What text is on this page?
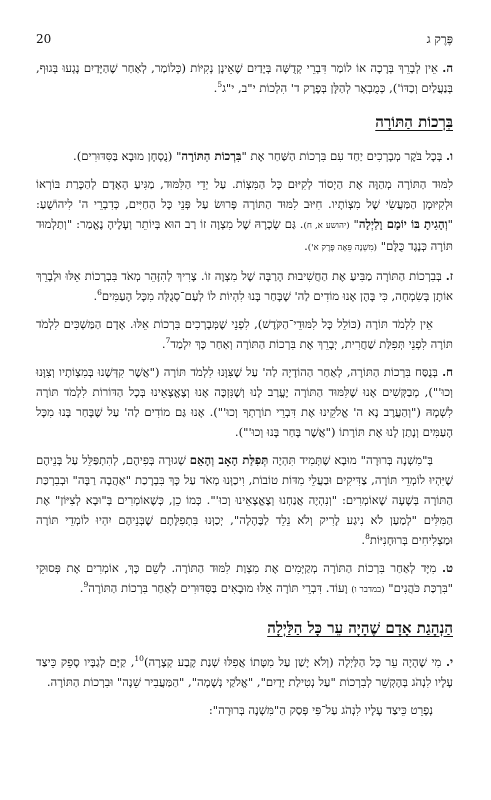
20	פֶּרֶק ג

ה. אֵין לְבָרֵךְ בְּרָכָה אוֹ לוֹמַר דִּבְרֵי קְדֻשָּׁה בְּיָדַיִם שֶׁאֵינָן נְקִיּוֹת (כְּלוֹמַר, לְאַחַר שֶׁהַיָּדַיִם נָגְעוּ בְּגוּף, בְּנַעֲלַיִם וְכַדּוֹ'), כְּמֻבְאָר לְהַלָּן בְּפֶרֶק ד' הִלְכוֹת י"ב, י"ג$^5$.

בִּרְכוֹת הַתּוֹרָה

ו. בְּכָל בֹּקֶר מְבָרְכִים יַחַד עִם בִּרְכוֹת הַשַּׁחַר אֶת "בִּרְכוֹת הַתּוֹרָה" (נֻסְחָן מוּבָא בַּסִּדּוּרִים).

לִמּוּד הַתּוֹרָה מְהַוֶּה אֶת הַיְסוֹד לְקִיּוּם כָּל הַמִּצְוֹת. עַל יְדֵי הַלִּמּוּד, מַגִּיעַ הָאָדָם לְהַכָּרַת בּוֹרְאוֹ וּלְקִיּוּמָן הַמַּעֲשִׂי שֶׁל מִצְוֹתָיו. חִיּוּב לִמּוּד הַתּוֹרָה פָּרוּשׂ עַל פְּנֵי כָּל הַחַיִּים, כְּדִבְרֵי ה' לִיהוֹשֻׁעַ: "וְהָגִיתָ בּוֹ יוֹמָם וָלַיְלָה" (יהושע א, ח). גַּם שְׂכָרָהּ שֶׁל מִצְוָה זוֹ רַב הוּא בְּיוֹתֵר וְעָלֶיהָ נֶאֱמַר: "וְתַלְמוּד תּוֹרָה כְּנֶגֶד כֻּלָּם" (מִשְׁנָה פֵּאָה פֶּרֶק א').

ז. בְּבִרְכוֹת הַתּוֹרָה מַבִּיעַ אֶת הַחֲשִׁיבוּת הָרַבָּה שֶׁל מִצְוָה זוֹ. צָרִיךְ לְהִזָּהֵר מְאֹד בִּבְרָכוֹת אֵלּוּ וּלְבָרֵךְ אוֹתָן בְּשִׂמְחָה, כִּי בָּהֶן אָנוּ מוֹדִים לַה' שֶׁבָּחַר בָּנוּ לִהְיוֹת לוֹ לְעַם־סְגֻלָּה מִכָּל הָעַמִּים$^6$.

אֵין לִלְמֹד תּוֹרָה (כּוֹלֵל כָּל לִמּוּדֵי־הַקֹּדֶשׁ), לִפְנֵי שֶׁמְּבָרְכִים בִּרְכוֹת אֵלּוּ. אָדָם הַמַּשְׁכִּים לִלְמֹד תּוֹרָה לִפְנֵי תְּפִלַּת שַׁחֲרִית, יְבָרֵךְ אֶת בִּרְכוֹת הַתּוֹרָה וְאַחַר כָּךְ יִלְמַד$^7$.

ח. בְּנֻסַּח בִּרְכוֹת הַתּוֹרָה, לְאַחַר הַהוֹדָיָה לַה' עַל שֶׁצִּוָּנוּ לִלְמֹד תּוֹרָה ("אֲשֶׁר קִדְּשָׁנוּ בְּמִצְוֹתָיו וְצִוָּנוּ וְכוּ'"), מְבַקְּשִׁים אָנוּ שֶׁלִּמּוּד הַתּוֹרָה יֶעֱרַב לָנוּ וְשֶׁנִּזְכֶּה אָנוּ וְצֶאֱצָאֵינוּ בְּכָל הַדּוֹרוֹת לִלְמֹד תּוֹרָה לִשְׁמָהּ ("וְהַעֲרֶב נָא ה' אֱלֹקֵינוּ אֶת דִּבְרֵי תוֹרָתְךָ וְכוּ'"). אָנוּ גַּם מוֹדִים לַה' עַל שֶׁבָּחַר בָּנוּ מִכָּל הָעַמִּים וְנָתַן לָנוּ אֶת תּוֹרָתוֹ ("אֲשֶׁר בָּחַר בָּנוּ וְכוּ'").

בְּ"מִשְׁנָה בְּרוּרָה" מוּבָא שֶׁתְּמִיד תִּהְיֶה תְּפִלַּת הָאָב וְהָאֵם שְׁגוּרָה בְּפִיהֶם, לְהִתְפַּלֵּל עַל בְּנֵיהֶם שֶׁיִּהְיוּ לוֹמְדֵי תּוֹרָה, צַדִּיקִים וּבַעֲלֵי מִדּוֹת טוֹבוֹת, וִיכַוְּנוּ מְאֹד עַל כָּךְ בִּבְרָכַת "אַהֲבָה רַבָּה" וּבְבִרְכַּת הַתּוֹרָה בְּשָׁעָה שֶׁאוֹמְרִים: "וְנִהְיֶה אֲנַחְנוּ וְצֶאֱצָאֵינוּ וְכוּ'". כְּמוֹ כֵן, כְּשֶׁאוֹמְרִים בְּ"וּבָא לְצִיּוֹן" אֶת הַמִּלִּים "לְמַעַן לֹא נִיגַע לָרִיק וְלֹא נֵלֵד לַבֶּהָלָה", יְכַוְּנוּ בִּתְפִלָּתָם שֶׁבְּנֵיהֶם יִהְיוּ לוֹמְדֵי תּוֹרָה וּמַצְלִיחִים בְּרוּחָנִיּוֹת$^8$.

ט. מִיָּד לְאַחַר בִּרְכוֹת הַתּוֹרָה מְקַיְּמִים אֶת מִצְוַת לִמּוּד הַתּוֹרָה. לְשֵׁם כָּךְ, אוֹמְרִים אֶת פְּסוּקֵי "בִּרְכַּת כֹּהֲנִים" (במדבר ו) וָעוֹד. דִּבְרֵי תּוֹרָה אֵלּוּ מוּבָאִים בַּסִּדּוּרִים לְאַחַר בִּרְכוֹת הַתּוֹרָה$^9$.

הַנְהָגַת אָדָם שֶׁהָיָה עֵר כָּל הַלַּיְלָה

י. מִי שֶׁהָיָה עֵר כָּל הַלַּיְלָה (וְלֹא יָשַׁן עַל מִטָּתוֹ אֲפִלּוּ שְׁנַת קֶבַע קְצָרָה)$^{10}$, קַיָּם לְגַבָּיו סָפֵק כֵּיצַד עָלָיו לִנְהֹג בְּהֶקְשֵׁר לְבִרְכוֹת "עַל נְטִילַת יָדַיִם", "אֱלֹקַי נְשָׁמָה", "הַמַּעֲבִיר שֵׁנָה" וּבִרְכוֹת הַתּוֹרָה.

נְפָרֵט כֵּיצַד עָלָיו לִנְהֹג עַל־פִּי פְּסַק הַ"מִּשְׁנָה בְּרוּרָה":
